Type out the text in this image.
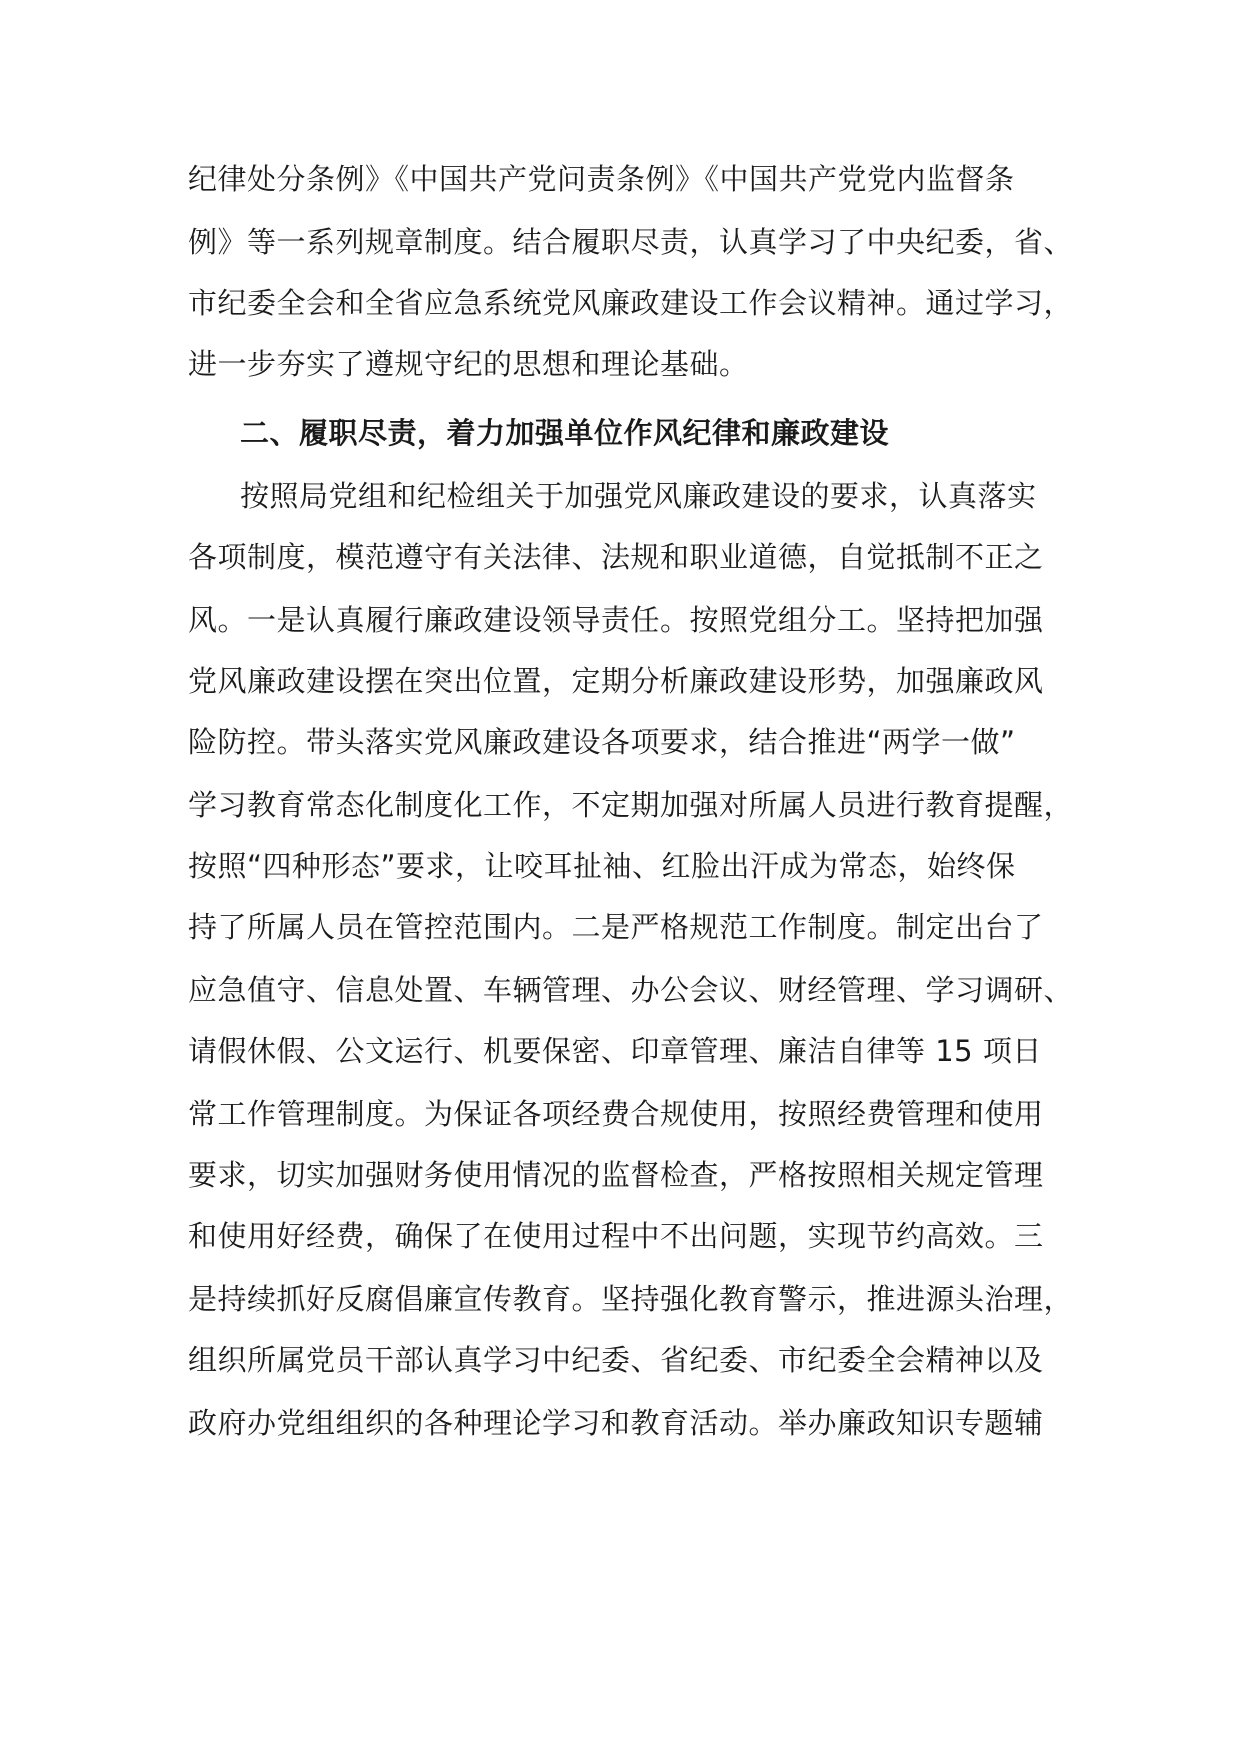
纪律处分条例》《中国共产党问责条例》《中国共产党党内监督条
例》等一系列规章制度。结合履职尽责，认真学习了中央纪委，省、
市纪委全会和全省应急系统党风廉政建设工作会议精神。通过学习，
进一步夯实了遵规守纪的思想和理论基础。
二、履职尽责，着力加强单位作风纪律和廉政建设
按照局党组和纪检组关于加强党风廉政建设的要求，认真落实
各项制度，模范遵守有关法律、法规和职业道德，自觉抵制不正之
风。一是认真履行廉政建设领导责任。按照党组分工。坚持把加强
党风廉政建设摆在突出位置，定期分析廉政建设形势，加强廉政风
险防控。带头落实党风廉政建设各项要求，结合推进“两学一做”
学习教育常态化制度化工作，不定期加强对所属人员进行教育提醒，
按照“四种形态”要求，让咬耳扯袖、红脸出汗成为常态，始终保
持了所属人员在管控范围内。二是严格规范工作制度。制定出台了
应急值守、信息处置、车辆管理、办公会议、财经管理、学习调研、
请假休假、公文运行、机要保密、印章管理、廉洁自律等 15 项日
常工作管理制度。为保证各项经费合规使用，按照经费管理和使用
要求，切实加强财务使用情况的监督检查，严格按照相关规定管理
和使用好经费，确保了在使用过程中不出问题，实现节约高效。三
是持续抓好反腐倡廉宣传教育。坚持强化教育警示，推进源头治理，
组织所属党员干部认真学习中纪委、省纪委、市纪委全会精神以及
政府办党组组织的各种理论学习和教育活动。举办廉政知识专题辅
